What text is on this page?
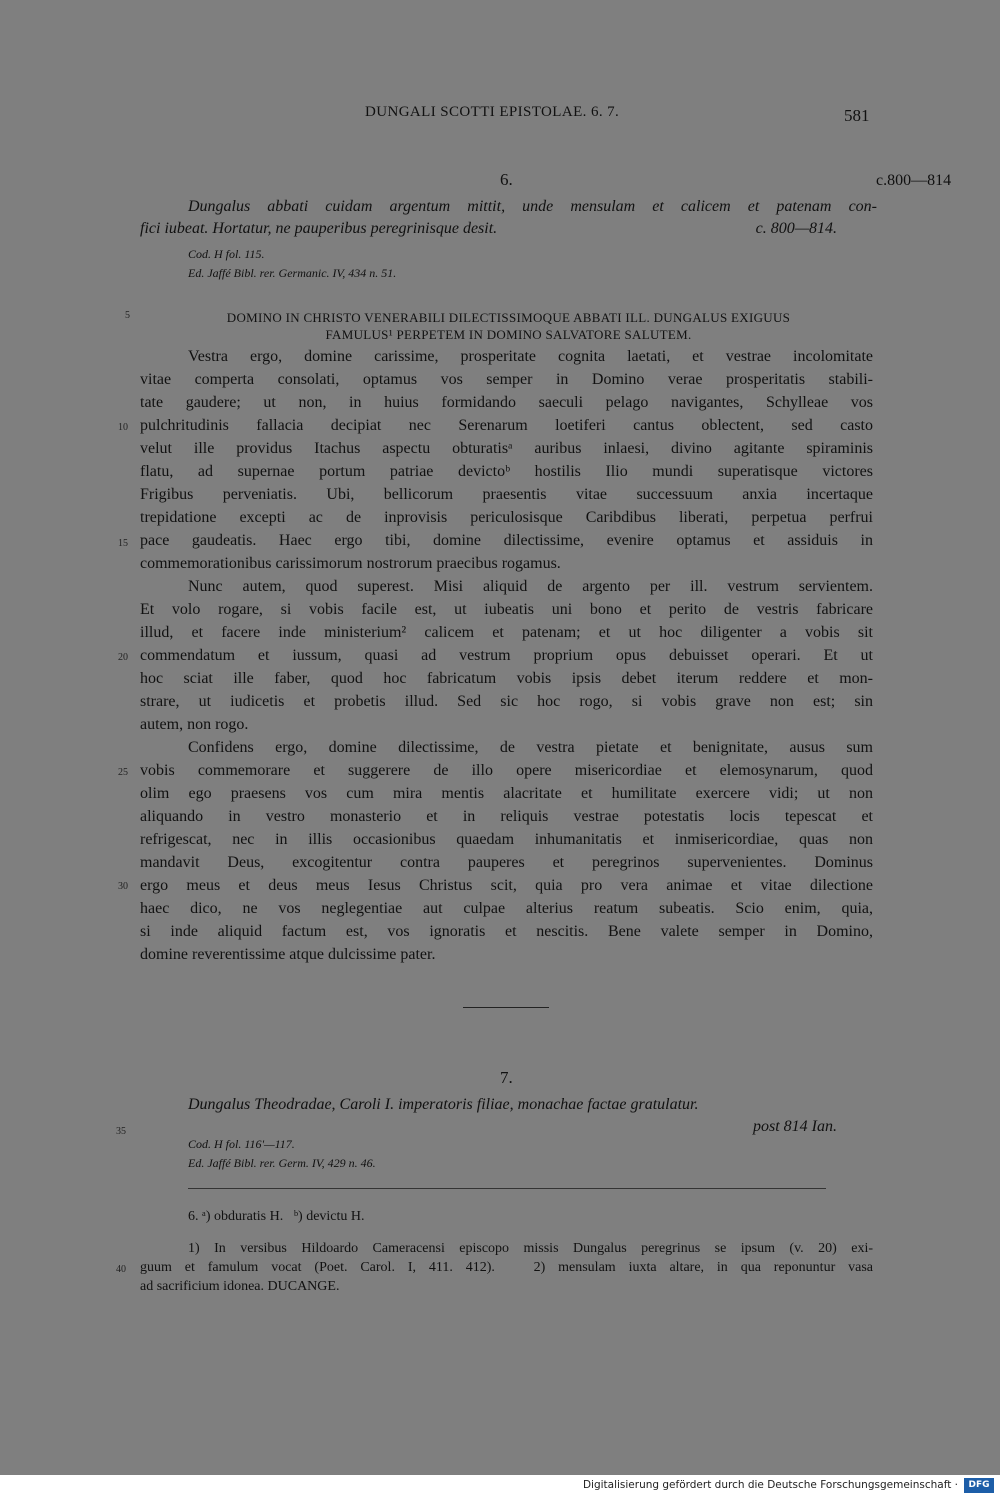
DUNGALI SCOTTI EPISTOLAE. 6. 7.	581
6.	c.800—814
Dungalus abbati cuidam argentum mittit, unde mensulam et calicem et patenam con-
fici iubeat. Hortatur, ne pauperibus peregrinisque desit.	c. 800—814.
Cod. H fol. 115.
Ed. Jaffé Bibl. rer. Germanic. IV, 434 n. 51.
5	DOMINO IN CHRISTO VENERABILI DILECTISSIMOQUE ABBATI ILL. DUNGALUS EXIGUUS
FAMULUS¹ PERPETEM IN DOMINO SALVATORE SALUTEM.
Vestra ergo, domine carissime, prosperitate cognita laetati, et vestrae incolomitate
vitae comperta consolati, optamus vos semper in Domino verae prosperitatis stabili-
tate gaudere; ut non, in huius formidando saeculi pelago navigantes, Schylleae vos
10 pulchritudinis fallacia decipiat nec Serenarum loetiferi cantus oblectent, sed casto
velut ille providus Itachus aspectu obturatisᵃ auribus inlaesi, divino agitante spiraminis
flatu, ad supernae portum patriae devictoᵇ hostilis Ilio mundi superatisque victores
Frigibus perveniatis. Ubi, bellicorum praesentis vitae successuum anxia incertaque
trepidatione excepti ac de inprovisis periculosisque Caribdibus liberati, perpetua perfrui
15 pace gaudeatis. Haec ergo tibi, domine dilectissime, evenire optamus et assiduis in
commemorationibus carissimorum nostrorum praecibus rogamus.
Nunc autem, quod superest. Misi aliquid de argento per ill. vestrum servientem.
Et volo rogare, si vobis facile est, ut iubeatis uni bono et perito de vestris fabricare
illud, et facere inde ministerium² calicem et patenam; et ut hoc diligenter a vobis sit
20 commendatum et iussum, quasi ad vestrum proprium opus debuisset operari. Et ut
hoc sciat ille faber, quod hoc fabricatum vobis ipsis debet iterum reddere et mon-
strare, ut iudicetis et probetis illud. Sed sic hoc rogo, si vobis grave non est; sin
autem, non rogo.
Confidens ergo, domine dilectissime, de vestra pietate et benignitate, ausus sum
25 vobis commemorare et suggerere de illo opere misericordiae et elemosynarum, quod
olim ego praesens vos cum mira mentis alacritate et humilitate exercere vidi; ut non
aliquando in vestro monasterio et in reliquis vestrae potestatis locis tepescat et
refrigescat, nec in illis occasionibus quaedam inhumanitatis et inmisericordiae, quas non
mandavit Deus, excogitentur contra pauperes et peregrinos supervenientes. Dominus
30 ergo meus et deus meus Iesus Christus scit, quia pro vera animae et vitae dilectione
haec dico, ne vos neglegentiae aut culpae alterius reatum subeatis. Scio enim, quia,
si inde aliquid factum est, vos ignoratis et nescitis. Bene valete semper in Domino,
domine reverentissime atque dulcissime pater.
7.
Dungalus Theodradae, Caroli I. imperatoris filiae, monachae factae gratulatur.
post 814 Ian.
35
Cod. H fol. 116'—117.
Ed. Jaffé Bibl. rer. Germ. IV, 429 n. 46.
6. ᵃ) obduratis H.   ᵇ) devictu H.
1) In versibus Hildoardo Cameracensi episcopo missis Dungalus peregrinus se ipsum (v. 20) exi-
40 guum et famulum vocat (Poet. Carol. I, 411. 412).   2) mensulam iuxta altare, in qua reponuntur vasa
ad sacrificium idonea. DUCANGE.
Digitalisierung gefördert durch die Deutsche Forschungsgemeinschaft ·	DFG
